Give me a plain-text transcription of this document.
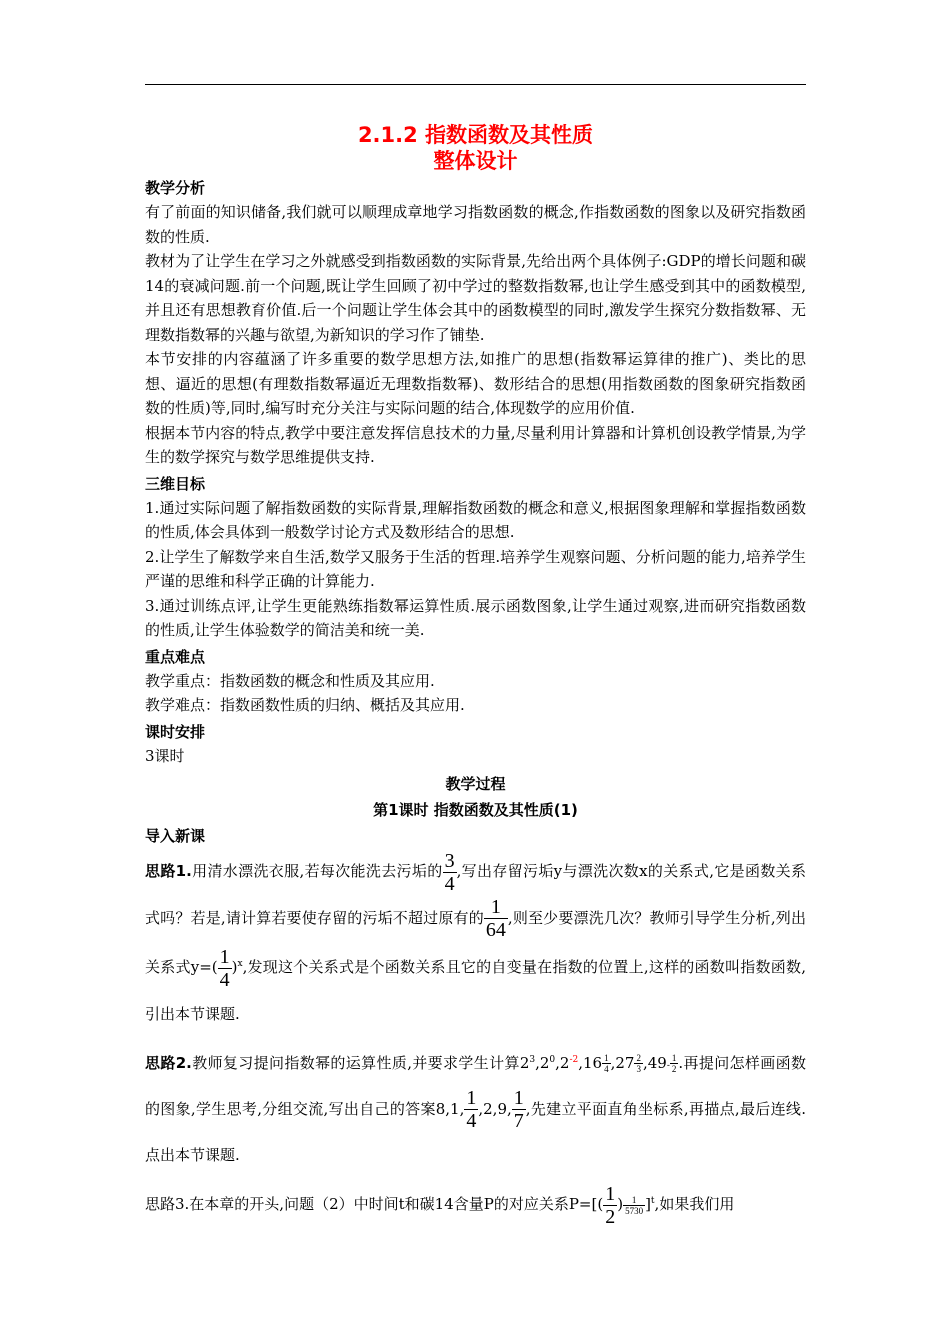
2.1.2 指数函数及其性质
整体设计
教学分析
有了前面的知识储备,我们就可以顺理成章地学习指数函数的概念,作指数函数的图象以及研究指数函数的性质.
教材为了让学生在学习之外就感受到指数函数的实际背景,先给出两个具体例子:GDP的增长问题和碳14的衰减问题.前一个问题,既让学生回顾了初中学过的整数指数幂,也让学生感受到其中的函数模型,并且还有思想教育价值.后一个问题让学生体会其中的函数模型的同时,激发学生探究分数指数幂、无理数指数幂的兴趣与欲望,为新知识的学习作了铺垫.
本节安排的内容蕴涵了许多重要的数学思想方法,如推广的思想(指数幂运算律的推广)、类比的思想、逼近的思想(有理数指数幂逼近无理数指数幂)、数形结合的思想(用指数函数的图象研究指数函数的性质)等,同时,编写时充分关注与实际问题的结合,体现数学的应用价值.
根据本节内容的特点,教学中要注意发挥信息技术的力量,尽量利用计算器和计算机创设教学情景,为学生的数学探究与数学思维提供支持.
三维目标
1.通过实际问题了解指数函数的实际背景,理解指数函数的概念和意义,根据图象理解和掌握指数函数的性质,体会具体到一般数学讨论方式及数形结合的思想.
2.让学生了解数学来自生活,数学又服务于生活的哲理.培养学生观察问题、分析问题的能力,培养学生严谨的思维和科学正确的计算能力.
3.通过训练点评,让学生更能熟练指数幂运算性质.展示函数图象,让学生通过观察,进而研究指数函数的性质,让学生体验数学的简洁美和统一美.
重点难点
教学重点：指数函数的概念和性质及其应用.
教学难点：指数函数性质的归纳、概括及其应用.
课时安排
3课时
教学过程
第1课时 指数函数及其性质(1)
导入新课
思路1.用清水漂洗衣服,若每次能洗去污垢的 $\frac{3}{4}$ ,写出存留污垢y与漂洗次数x的关系式,它是函数关系式吗？若是,请计算若要使存留的污垢不超过原有的 $\frac{1}{64}$ ,则至少要漂洗几次？教师引导学生分析,列出关系式$y=( \frac{1}{4} )^x$,发现这个关系式是个函数关系且它的自变量在指数的位置上,这样的函数叫指数函数,引出本节课题.
思路2.教师复习提问指数幂的运算性质,并要求学生计算$2^3,2^0,2^{-2},16 \frac{1}{4} ,27 \frac{2}{3} ,49- \frac{1}{2}$ .再提问怎样画函数的图象,学生思考,分组交流,写出自己的答案8,1, $\frac{1}{4} ,2,9$, $\frac{1}{7}$ ,先建立平面直角坐标系,再描点,最后连线.点出本节课题.
思路3.在本章的开头,问题（2）中时间t和碳14含量P的对应关系$P=[( \frac{1}{2}$ ) $\frac{1}{5730} ]^t$,如果我们用
